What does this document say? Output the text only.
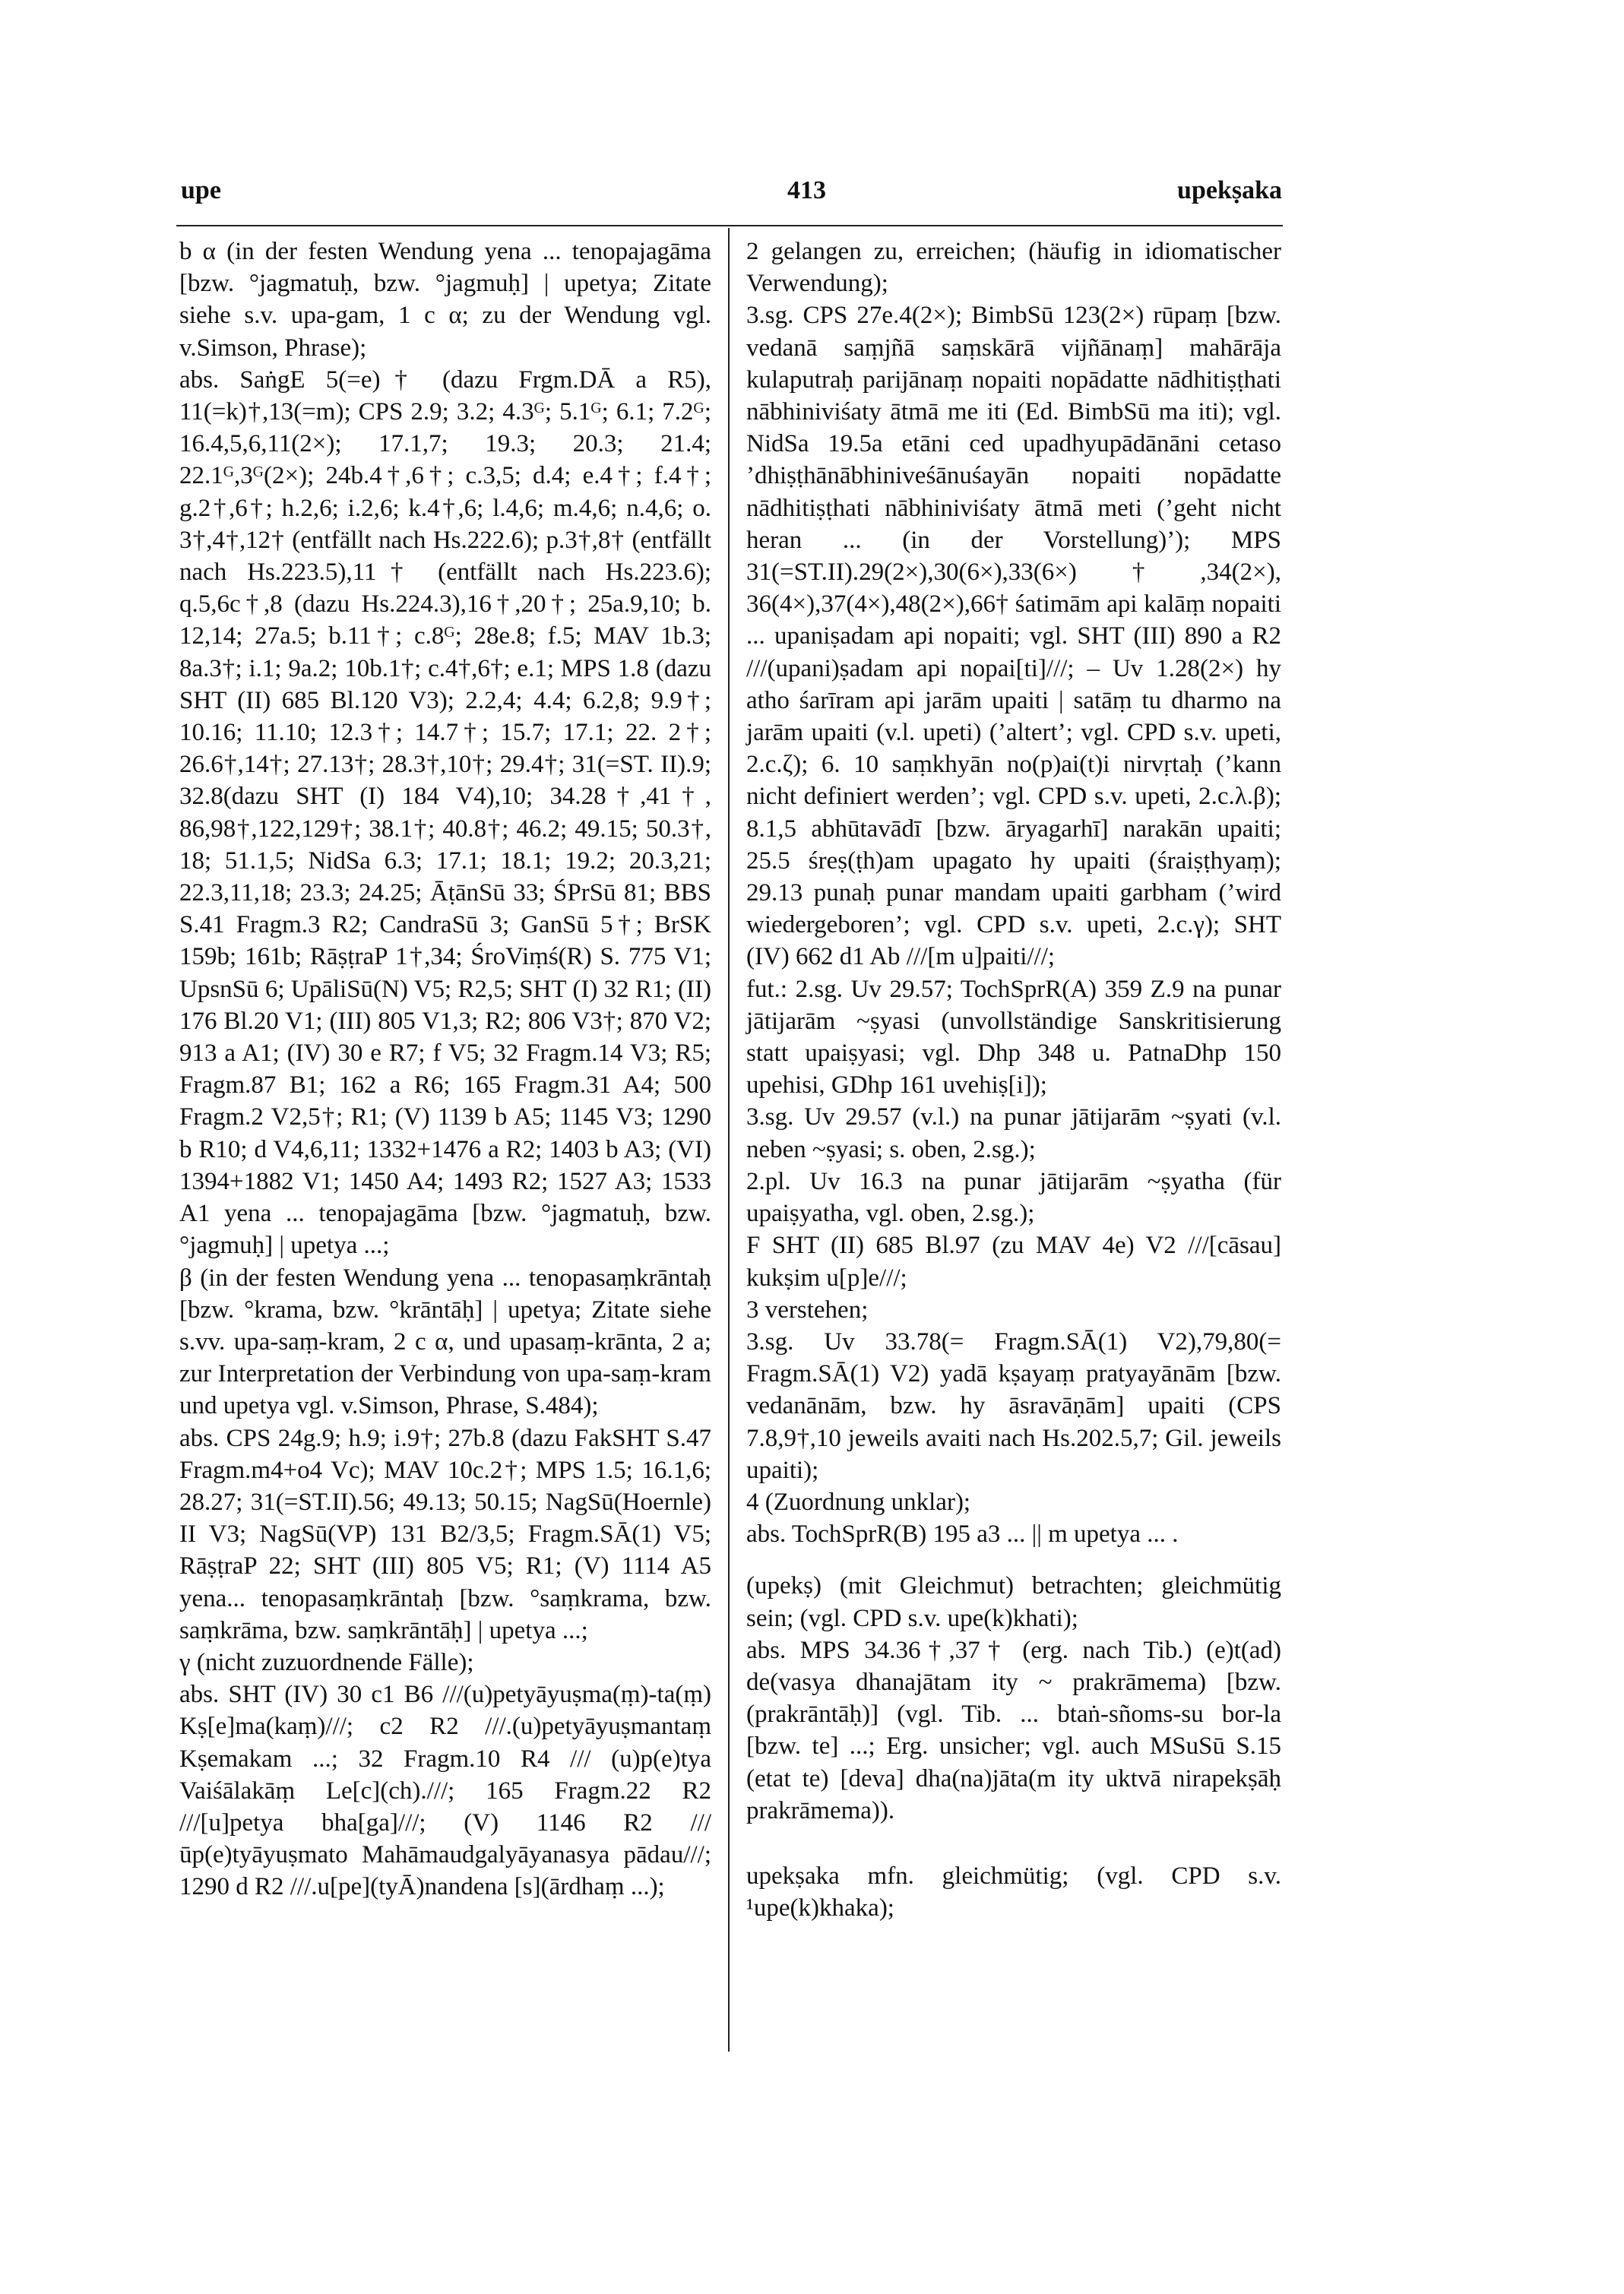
upe	413	upekṣaka

b α (in der festen Wendung yena ... tenopajagāma [bzw. °jagmatuḥ, bzw. °jagmuḥ] | upetya; Zitate siehe s.v. upa-gam, 1 c α; zu der Wendung vgl. v.Simson, Phrase);

abs. SaṅgE 5(=e)† (dazu Frgm.DĀ a R5), 11(=k)†,13(=m); CPS 2.9; 3.2; 4.3ᴳ; 5.1ᴳ; 6.1; 7.2ᴳ; 16.4,5,6,11(2×); 17.1,7; 19.3; 20.3; 21.4; 22.1ᴳ,3ᴳ(2×); 24b.4†,6†; c.3,5; d.4; e.4†; f.4†; g.2†,6†; h.2,6; i.2,6; k.4†,6; l.4,6; m.4,6; n.4,6; o. 3†,4†,12† (entfällt nach Hs.222.6); p.3†,8† (entfällt nach Hs.223.5),11† (entfällt nach Hs.223.6); q.5,6c†,8 (dazu Hs.224.3),16†,20†; 25a.9,10; b. 12,14; 27a.5; b.11†; c.8ᴳ; 28e.8; f.5; MAV 1b.3; 8a.3†; i.1; 9a.2; 10b.1†; c.4†,6†; e.1; MPS 1.8 (dazu SHT (II) 685 Bl.120 V3); 2.2,4; 4.4; 6.2,8; 9.9†; 10.16; 11.10; 12.3†; 14.7†; 15.7; 17.1; 22. 2†; 26.6†,14†; 27.13†; 28.3†,10†; 29.4†; 31(=ST. II).9; 32.8(dazu SHT (I) 184 V4),10; 34.28†,41†, 86,98†,122,129†; 38.1†; 40.8†; 46.2; 49.15; 50.3†, 18; 51.1,5; NidSa 6.3; 17.1; 18.1; 19.2; 20.3,21; 22.3,11,18; 23.3; 24.25; ĀṭānSū 33; ŚPrSū 81; BBS S.41 Fragm.3 R2; CandraSū 3; GanSū 5†; BrSK 159b; 161b; RāṣṭraP 1†,34; ŚroViṃś(R) S. 775 V1; UpsnSū 6; UpāliSū(N) V5; R2,5; SHT (I) 32 R1; (II) 176 Bl.20 V1; (III) 805 V1,3; R2; 806 V3†; 870 V2; 913 a A1; (IV) 30 e R7; f V5; 32 Fragm.14 V3; R5; Fragm.87 B1; 162 a R6; 165 Fragm.31 A4; 500 Fragm.2 V2,5†; R1; (V) 1139 b A5; 1145 V3; 1290 b R10; d V4,6,11; 1332+1476 a R2; 1403 b A3; (VI) 1394+1882 V1; 1450 A4; 1493 R2; 1527 A3; 1533 A1 yena ... tenopajagāma [bzw. °jagmatuḥ, bzw. °jagmuḥ] | upetya ...;

β (in der festen Wendung yena ... tenopasaṃkrāntaḥ [bzw. °krama, bzw. °krāntāḥ] | upetya; Zitate siehe s.vv. upa-saṃ-kram, 2 c α, und upasaṃ-krānta, 2 a; zur Interpretation der Verbindung von upa-saṃ-kram und upetya vgl. v.Simson, Phrase, S.484);

abs. CPS 24g.9; h.9; i.9†; 27b.8 (dazu FakSHT S.47 Fragm.m4+o4 Vc); MAV 10c.2†; MPS 1.5; 16.1,6; 28.27; 31(=ST.II).56; 49.13; 50.15; NagSū(Hoernle) II V3; NagSū(VP) 131 B2/3,5; Fragm.SĀ(1) V5; RāṣṭraP 22; SHT (III) 805 V5; R1; (V) 1114 A5 yena... tenopasaṃkrāntaḥ [bzw. °saṃkrama, bzw. saṃkrāma, bzw. saṃkrāntāḥ] | upetya ...;

γ (nicht zuzuordnende Fälle);

abs. SHT (IV) 30 c1 B6 ///(u)petyāyuṣma(ṃ)-ta(ṃ) Kṣ[e]ma(kaṃ)///; c2 R2 ///.(u)petyāyuṣmantaṃ Kṣemakam ...; 32 Fragm.10 R4 /// (u)p(e)tya Vaiśālakāṃ Le[c](ch).///; 165 Fragm.22 R2 ///[u]petya bha[ga]///; (V) 1146 R2 ///ūp(e)tyāyuṣmato Mahāmaudgalyāyanasya pādau///; 1290 d R2 ///.u[pe](tyĀ)nandena [s](ārdhaṃ ...);

2 gelangen zu, erreichen; (häufig in idiomatischer Verwendung);

3.sg. CPS 27e.4(2×); BimbSū 123(2×) rūpaṃ [bzw. vedanā saṃjñā saṃskārā vijñānaṃ] mahārāja kulaputraḥ parijānaṃ nopaiti nopādatte nādhitiṣṭhati nābhiniviśaty ātmā me iti (Ed. BimbSū ma iti); vgl. NidSa 19.5a etāni ced upadhyupādānāni cetaso ’dhiṣṭhānābhiniveśānuśayān nopaiti nopādatte nādhitiṣṭhati nābhiniviśaty ātmā meti (’geht nicht heran ... (in der Vorstellung)’); MPS 31(=ST.II).29(2×),30(6×),33(6×)†,34(2×), 36(4×),37(4×),48(2×),66† śatimām api kalāṃ nopaiti ... upaniṣadam api nopaiti; vgl. SHT (III) 890 a R2 ///(upani)ṣadam api nopai[ti]///; – Uv 1.28(2×) hy atho śarīram api jarām upaiti | satāṃ tu dharmo na jarām upaiti (v.l. upeti) (’altert’; vgl. CPD s.v. upeti, 2.c.ζ); 6. 10 saṃkhyān no(p)ai(t)i nirvṛtaḥ (’kann nicht definiert werden’; vgl. CPD s.v. upeti, 2.c.λ.β); 8.1,5 abhūtavādī [bzw. āryagarhī] narakān upaiti; 25.5 śreṣ(ṭh)am upagato hy upaiti (śraiṣṭhyaṃ); 29.13 punaḥ punar mandam upaiti garbham (’wird wiedergeboren’; vgl. CPD s.v. upeti, 2.c.γ); SHT (IV) 662 d1 Ab ///[m u]paiti///;

fut.: 2.sg. Uv 29.57; TochSprR(A) 359 Z.9 na punar jātijarām ~ṣyasi (unvollständige Sanskritisierung statt upaiṣyasi; vgl. Dhp 348 u. PatnaDhp 150 upehisi, GDhp 161 uvehiṣ[i]);

3.sg. Uv 29.57 (v.l.) na punar jātijarām ~ṣyati (v.l. neben ~ṣyasi; s. oben, 2.sg.);

2.pl. Uv 16.3 na punar jātijarām ~ṣyatha (für upaiṣyatha, vgl. oben, 2.sg.);

F SHT (II) 685 Bl.97 (zu MAV 4e) V2 ///[cāsau] kukṣim u[p]e///;

3 verstehen;

3.sg. Uv 33.78(= Fragm.SĀ(1) V2),79,80(= Fragm.SĀ(1) V2) yadā kṣayaṃ pratyayānām [bzw. vedanānām, bzw. hy āsravāṇām] upaiti (CPS 7.8,9†,10 jeweils avaiti nach Hs.202.5,7; Gil. jeweils upaiti);

4 (Zuordnung unklar);

abs. TochSprR(B) 195 a3 ... || m upetya ... .

(upekṣ) (mit Gleichmut) betrachten; gleichmütig sein; (vgl. CPD s.v. upe(k)khati);

abs. MPS 34.36†,37† (erg. nach Tib.) (e)t(ad) de(vasya dhanajātam ity ~ prakrāmema) [bzw. (prakrāntāḥ)] (vgl. Tib. ... btaṅ-sñoms-su bor-la [bzw. te] ...; Erg. unsicher; vgl. auch MSuSū S.15 (etat te) [deva] dha(na)jāta(m ity uktvā nirapekṣāḥ prakrāmema)).

upekṣaka mfn. gleichmütig; (vgl. CPD s.v. ¹upe(k)khaka);
